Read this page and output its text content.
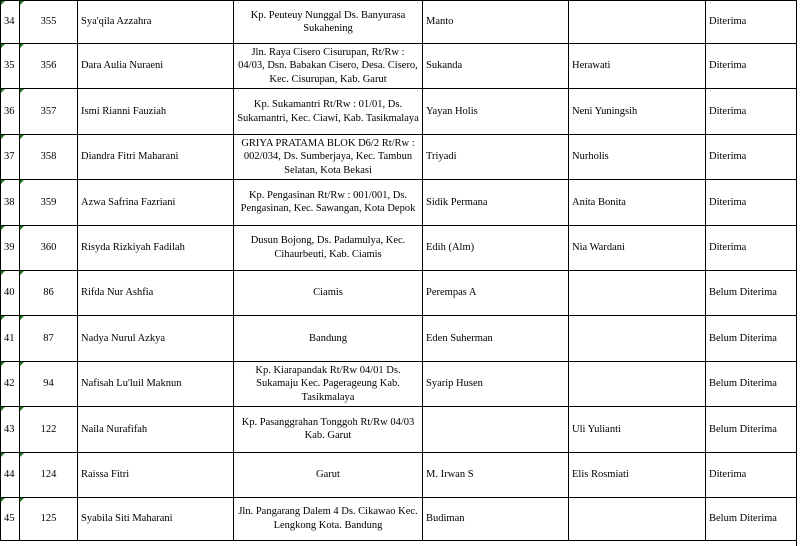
34	355	Sya'qila Azzahra	Kp. Peuteuy Nunggal Ds. Banyurasa Sukahening	Manto		Diterima

35	356	Dara Aulia Nuraeni	Jln. Raya Cisero Cisurupan, Rt/Rw : 04/03, Dsn. Babakan Cisero, Desa. Cisero, Kec. Cisurupan, Kab. Garut	Sukanda	Herawati	Diterima

36	357	Ismi Rianni Fauziah	Kp. Sukamantri Rt/Rw : 01/01, Ds. Sukamantri, Kec. Ciawi, Kab. Tasikmalaya	Yayan Holis	Neni Yuningsih	Diterima

37	358	Diandra Fitri Maharani	GRIYA PRATAMA BLOK D6/2 Rt/Rw : 002/034, Ds. Sumberjaya, Kec. Tambun Selatan, Kota Bekasi	Triyadi	Nurholis	Diterima

38	359	Azwa Safrina Fazriani	Kp. Pengasinan Rt/Rw : 001/001, Ds. Pengasinan, Kec. Sawangan, Kota Depok	Sidik Permana	Anita Bonita	Diterima

39	360	Risyda Rizkiyah Fadilah	Dusun Bojong, Ds. Padamulya, Kec. Cihaurbeuti, Kab. Ciamis	Edih (Alm)	Nia Wardani	Diterima

40	86	Rifda Nur Ashfia	Ciamis	Perempas A		Belum Diterima

41	87	Nadya Nurul Azkya	Bandung	Eden Suherman		Belum Diterima

42	94	Nafisah Lu'luil Maknun	Kp. Kiarapandak Rt/Rw 04/01 Ds. Sukamaju Kec. Pagerageung Kab. Tasikmalaya	Syarip Husen		Belum Diterima

43	122	Naila Nurafifah	Kp. Pasanggrahan Tonggoh Rt/Rw 04/03 Kab. Garut		Uli Yulianti	Belum Diterima

44	124	Raissa Fitri	Garut	M. Irwan S	Elis Rosmiati	Diterima

45	125	Syabila Siti Maharani	Jln. Pangarang Dalem 4 Ds. Cikawao Kec. Lengkong Kota. Bandung	Budiman		Belum Diterima
